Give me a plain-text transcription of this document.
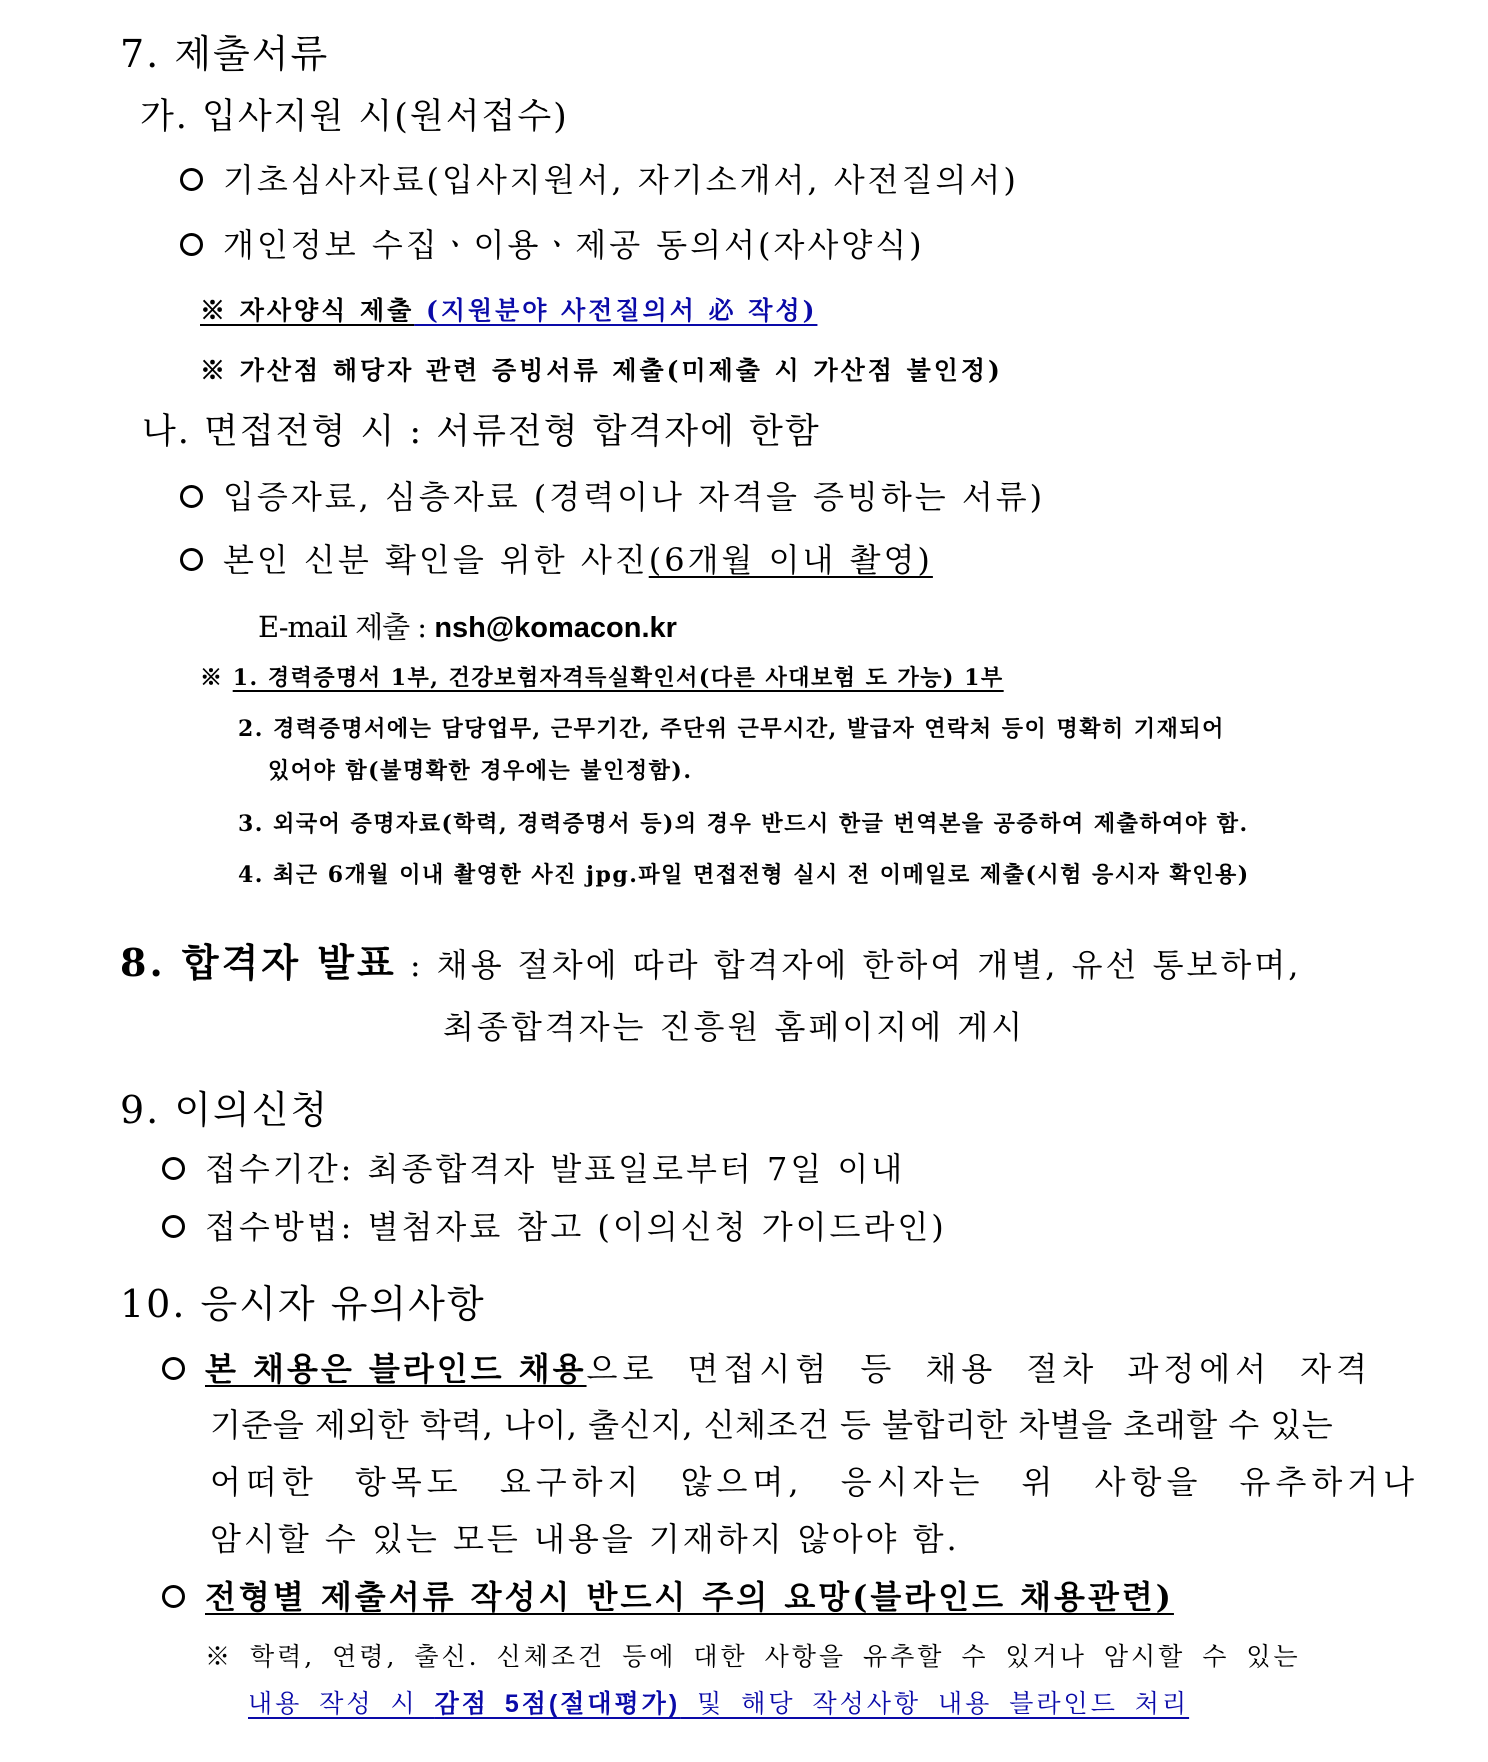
7. 제출서류
가. 입사지원 시(원서접수)
기초심사자료(입사지원서, 자기소개서, 사전질의서)
개인정보 수집ㆍ이용ㆍ제공 동의서(자사양식)
※ 자사양식 제출 (지원분야 사전질의서 必 작성)
※ 가산점 해당자 관련 증빙서류 제출(미제출 시 가산점 불인정)
나. 면접전형 시 : 서류전형 합격자에 한함
입증자료, 심층자료 (경력이나 자격을 증빙하는 서류)
본인 신분 확인을 위한 사진(6개월 이내 촬영)
E-mail 제출 : nsh@komacon.kr
※ 1. 경력증명서 1부, 건강보험자격득실확인서(다른 사대보험 도 가능) 1부
2. 경력증명서에는 담당업무, 근무기간, 주단위 근무시간, 발급자 연락처 등이 명확히 기재되어
있어야 함(불명확한 경우에는 불인정함).
3. 외국어 증명자료(학력, 경력증명서 등)의 경우 반드시 한글 번역본을 공증하여 제출하여야 함.
4. 최근 6개월 이내 촬영한 사진 jpg.파일 면접전형 실시 전 이메일로 제출(시험 응시자 확인용)
8. 합격자 발표 : 채용 절차에 따라 합격자에 한하여 개별, 유선 통보하며,
최종합격자는 진흥원 홈페이지에 게시
9. 이의신청
접수기간: 최종합격자 발표일로부터 7일 이내
접수방법: 별첨자료 참고 (이의신청 가이드라인)
10. 응시자 유의사항
본 채용은 블라인드 채용으로 면접시험 등 채용 절차 과정에서 자격
기준을 제외한 학력, 나이, 출신지, 신체조건 등 불합리한 차별을 초래할 수 있는
어떠한 항목도 요구하지 않으며, 응시자는 위 사항을 유추하거나
암시할 수 있는 모든 내용을 기재하지 않아야 함.
전형별 제출서류 작성시 반드시 주의 요망(블라인드 채용관련)
※ 학력, 연령, 출신. 신체조건 등에 대한 사항을 유추할 수 있거나 암시할 수 있는
내용 작성 시 감점 5점(절대평가) 및 해당 작성사항 내용 블라인드 처리
